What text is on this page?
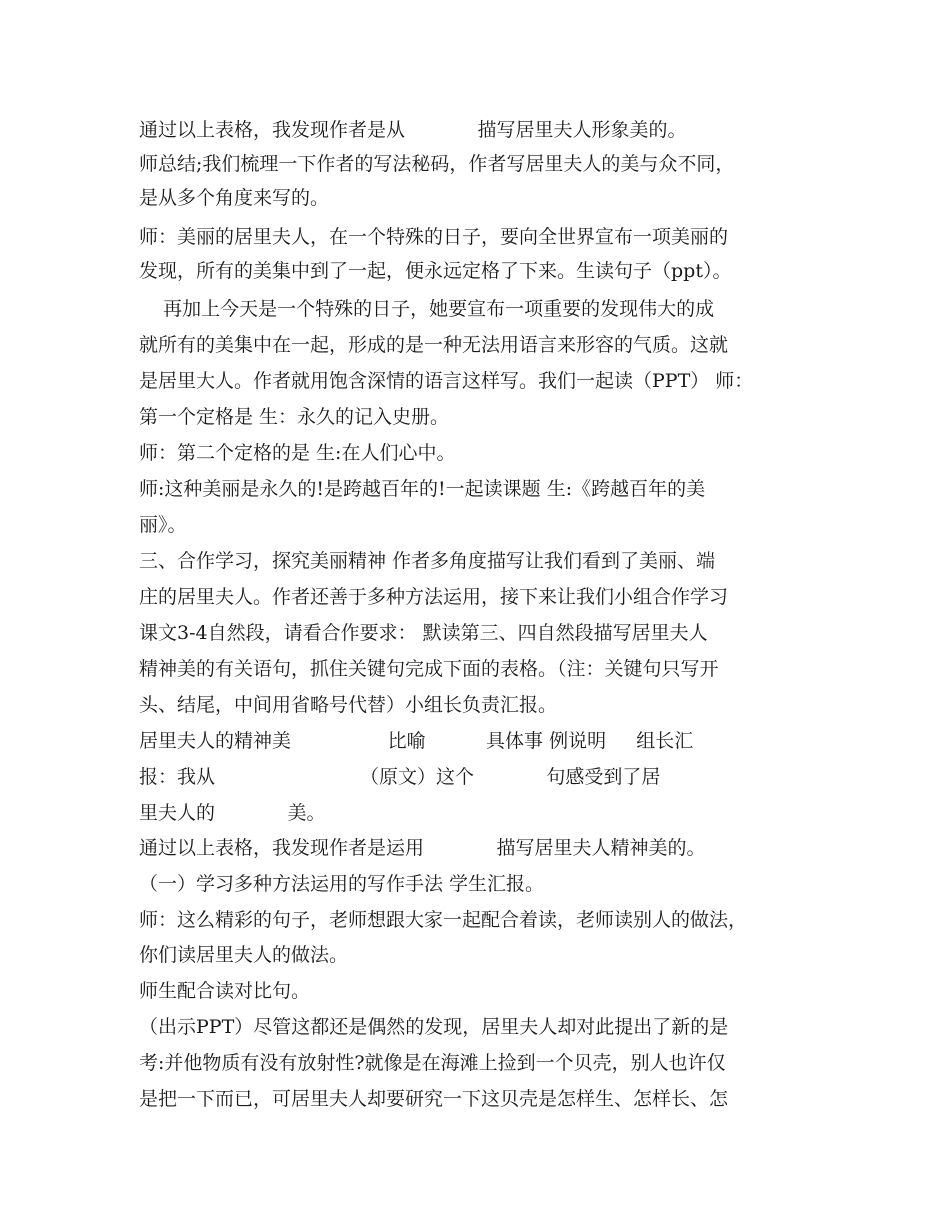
通过以上表格，我发现作者是从            描写居里夫人形象美的。
师总结;我们梳理一下作者的写法秘码，作者写居里夫人的美与众不同，
是从多个角度来写的。
师：美丽的居里夫人，在一个特殊的日子，要向全世界宣布一项美丽的
发现，所有的美集中到了一起，便永远定格了下来。生读句子（ppt）。
再加上今天是一个特殊的日子，她要宣布一项重要的发现伟大的成
就所有的美集中在一起，形成的是一种无法用语言来形容的气质。这就
是居里大人。作者就用饱含深情的语言这样写。我们一起读（PPT） 师：
第一个定格是 生：永久的记入史册。
师：第二个定格的是 生:在人们心中。
师:这种美丽是永久的!是跨越百年的!一起读课题 生:《跨越百年的美
丽》。
三、合作学习，探究美丽精神 作者多角度描写让我们看到了美丽、端
庄的居里夫人。作者还善于多种方法运用，接下来让我们小组合作学习
课文3-4自然段，请看合作要求： 默读第三、四自然段描写居里夫人
精神美的有关语句，抓住关键句完成下面的表格。（注：关键句只写开
头、结尾，中间用省略号代替）小组长负责汇报。
居里夫人的精神美                比喻          具体事 例说明     组长汇
报：我从                        （原文）这个            句感受到了居
里夫人的            美。
通过以上表格，我发现作者是运用            描写居里夫人精神美的。
（一）学习多种方法运用的写作手法 学生汇报。
师：这么精彩的句子，老师想跟大家一起配合着读，老师读别人的做法，
你们读居里夫人的做法。
师生配合读对比句。
（出示PPT）尽管这都还是偶然的发现，居里夫人却对此提出了新的是
考:并他物质有没有放射性?就像是在海滩上捡到一个贝壳，别人也许仅
是把一下而已，可居里夫人却要研究一下这贝壳是怎样生、怎样长、怎
